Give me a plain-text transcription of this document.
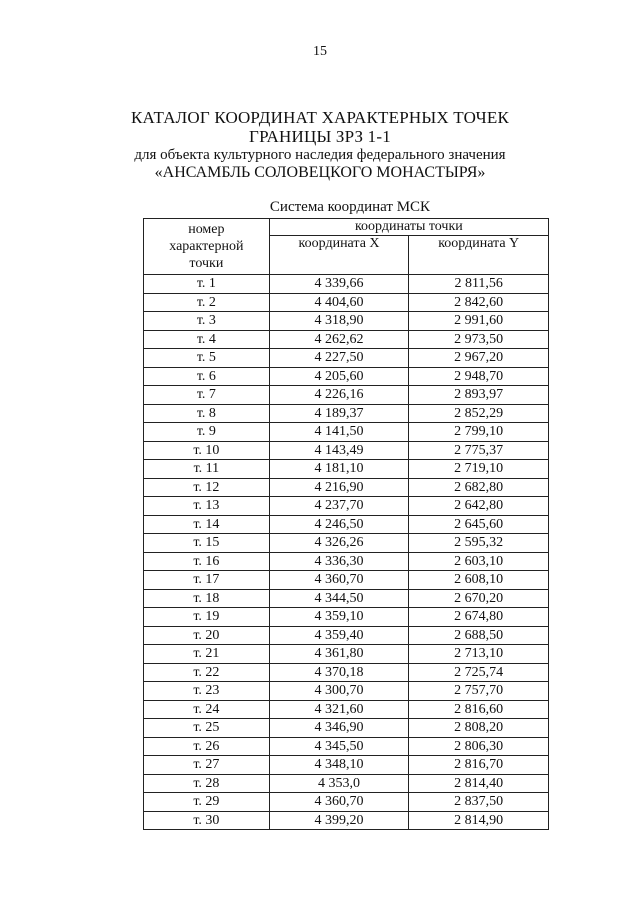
15
КАТАЛОГ КООРДИНАТ ХАРАКТЕРНЫХ ТОЧЕК
ГРАНИЦЫ ЗРЗ 1-1
для объекта культурного наследия федерального значения
«АНСАМБЛЬ СОЛОВЕЦКОГО МОНАСТЫРЯ»
Система координат МСК
номер
характерной
точки	координаты точки	
	координата X	координата Y
т. 1	4 339,66	2 811,56
т. 2	4 404,60	2 842,60
т. 3	4 318,90	2 991,60
т. 4	4 262,62	2 973,50
т. 5	4 227,50	2 967,20
т. 6	4 205,60	2 948,70
т. 7	4 226,16	2 893,97
т. 8	4 189,37	2 852,29
т. 9	4 141,50	2 799,10
т. 10	4 143,49	2 775,37
т. 11	4 181,10	2 719,10
т. 12	4 216,90	2 682,80
т. 13	4 237,70	2 642,80
т. 14	4 246,50	2 645,60
т. 15	4 326,26	2 595,32
т. 16	4 336,30	2 603,10
т. 17	4 360,70	2 608,10
т. 18	4 344,50	2 670,20
т. 19	4 359,10	2 674,80
т. 20	4 359,40	2 688,50
т. 21	4 361,80	2 713,10
т. 22	4 370,18	2 725,74
т. 23	4 300,70	2 757,70
т. 24	4 321,60	2 816,60
т. 25	4 346,90	2 808,20
т. 26	4 345,50	2 806,30
т. 27	4 348,10	2 816,70
т. 28	4 353,0	2 814,40
т. 29	4 360,70	2 837,50
т. 30	4 399,20	2 814,90
